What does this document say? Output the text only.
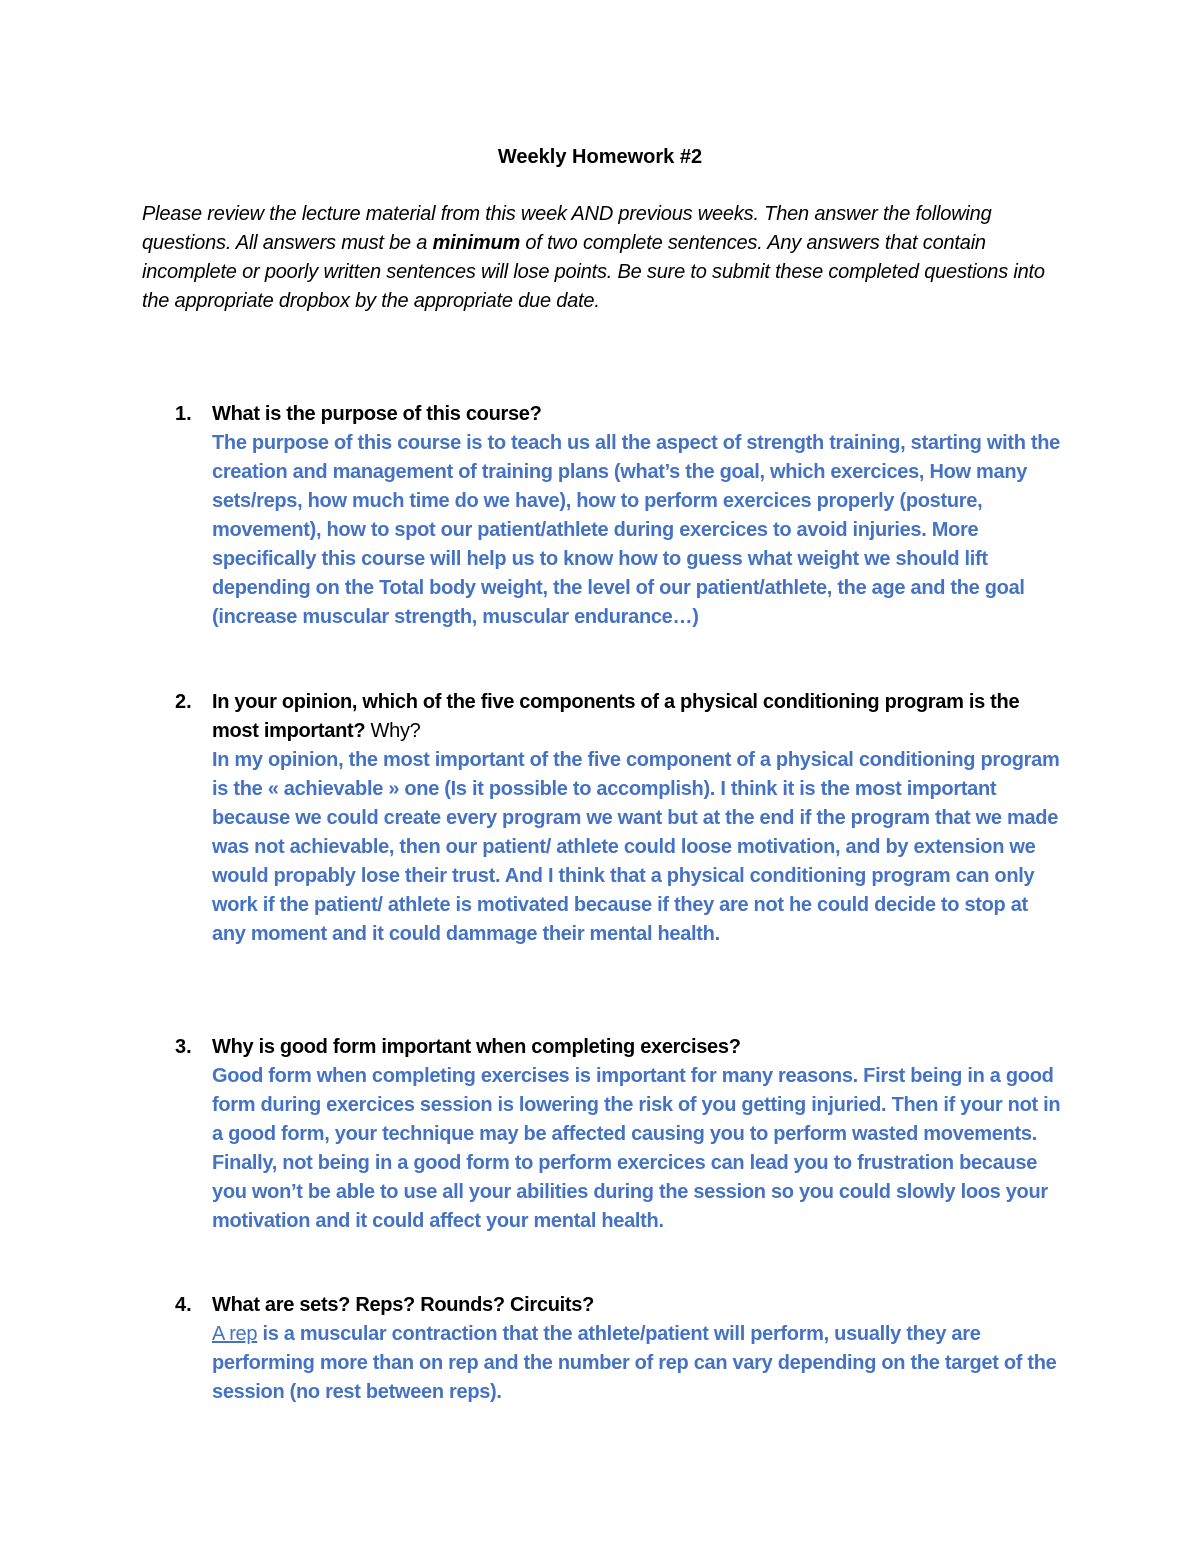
Weekly Homework #2
Please review the lecture material from this week AND previous weeks. Then answer the following questions. All answers must be a minimum of two complete sentences. Any answers that contain incomplete or poorly written sentences will lose points. Be sure to submit these completed questions into the appropriate dropbox by the appropriate due date.
1. What is the purpose of this course?
The purpose of this course is to teach us all the aspect of strength training, starting with the creation and management of training plans (what’s the goal, which exercices, How many sets/reps, how much time do we have), how to perform exercices properly (posture, movement), how to spot our patient/athlete during exercices to avoid injuries. More specifically this course will help us to know how to guess what weight we should lift depending on the Total body weight, the level of our patient/athlete, the age and the goal (increase muscular strength, muscular endurance…)
2. In your opinion, which of the five components of a physical conditioning program is the most important? Why?
In my opinion, the most important of the five component of a physical conditioning program is the « achievable » one (Is it possible to accomplish). I think it is the most important because we could create every program we want but at the end if the program that we made was not achievable, then our patient/ athlete could loose motivation, and by extension we would propably lose their trust. And I think that a physical conditioning program can only work if the patient/ athlete is motivated because if they are not he could decide to stop at any moment and it could dammage their mental health.
3. Why is good form important when completing exercises?
Good form when completing exercises is important for many reasons. First being in a good form during exercices session is lowering the risk of you getting injuried. Then if your not in a good form, your technique may be affected causing you to perform wasted movements. Finally, not being in a good form to perform exercices can lead you to frustration because you won’t be able to use all your abilities during the session so you could slowly loos your motivation and it could affect your mental health.
4. What are sets? Reps? Rounds? Circuits?
A rep is a muscular contraction that the athlete/patient will perform, usually they are performing more than on rep and the number of rep can vary depending on the target of the session (no rest between reps).
